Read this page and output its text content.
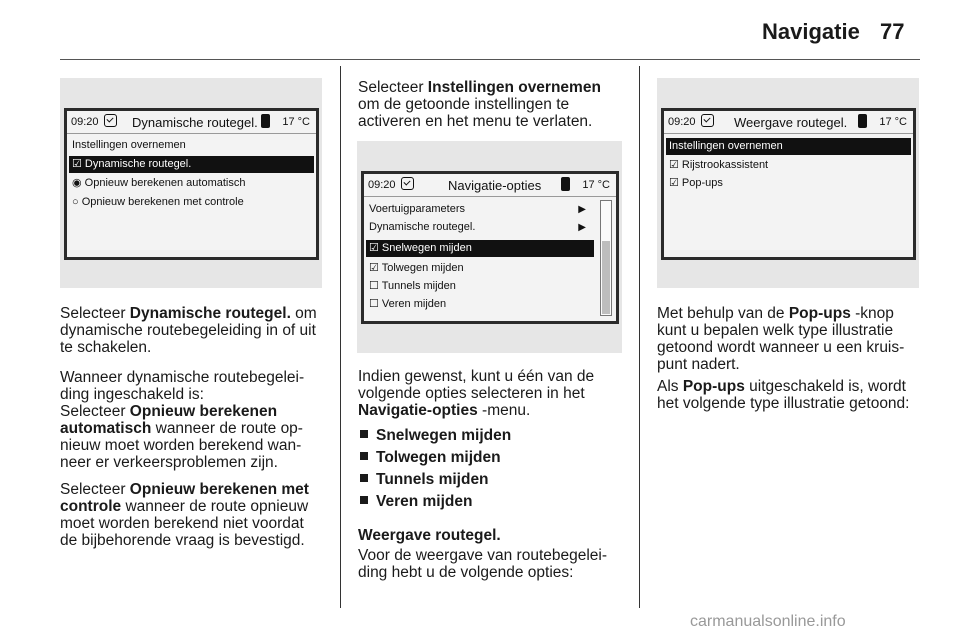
Navigatie 77
09:20	Dynamische routegel. 17 °C
Instellingen overnemen
☑ Dynamische routegel.
◉ Opnieuw berekenen automatisch
○ Opnieuw berekenen met controle

Selecteer Dynamische routegel. om dynamische routebegeleiding in of uit te schakelen.

Wanneer dynamische routebegelei- ding ingeschakeld is:

Selecteer Opnieuw berekenen automatisch wanneer de route op- nieuw moet worden berekend wan- neer er verkeersproblemen zijn.

Selecteer Opnieuw berekenen met controle wanneer de route opnieuw moet worden berekend niet voordat de bijbehorende vraag is bevestigd.

Selecteer Instellingen overnemen om de getoonde instellingen te activeren en het menu te verlaten.

09:20	Navigatie-opties	17 °C
Voertuigparameters	▶
Dynamische routegel.	▶
☑ Snelwegen mijden
☑ Tolwegen mijden
☐ Tunnels mijden
☐ Veren mijden

Indien gewenst, kunt u één van de volgende opties selecteren in het Navigatie-opties -menu.

Snelwegen mijden
Tolwegen mijden
Tunnels mijden
Veren mijden

Weergave routegel.

Voor de weergave van routebegelei- ding hebt u de volgende opties:

09:20	Weergave routegel.	17 °C
Instellingen overnemen
☑ Rijstrookassistent
☑ Pop-ups

Met behulp van de Pop-ups -knop kunt u bepalen welk type illustratie getoond wordt wanneer u een kruis- punt nadert.

Als Pop-ups uitgeschakeld is, wordt het volgende type illustratie getoond:

carmanualsonline.info
